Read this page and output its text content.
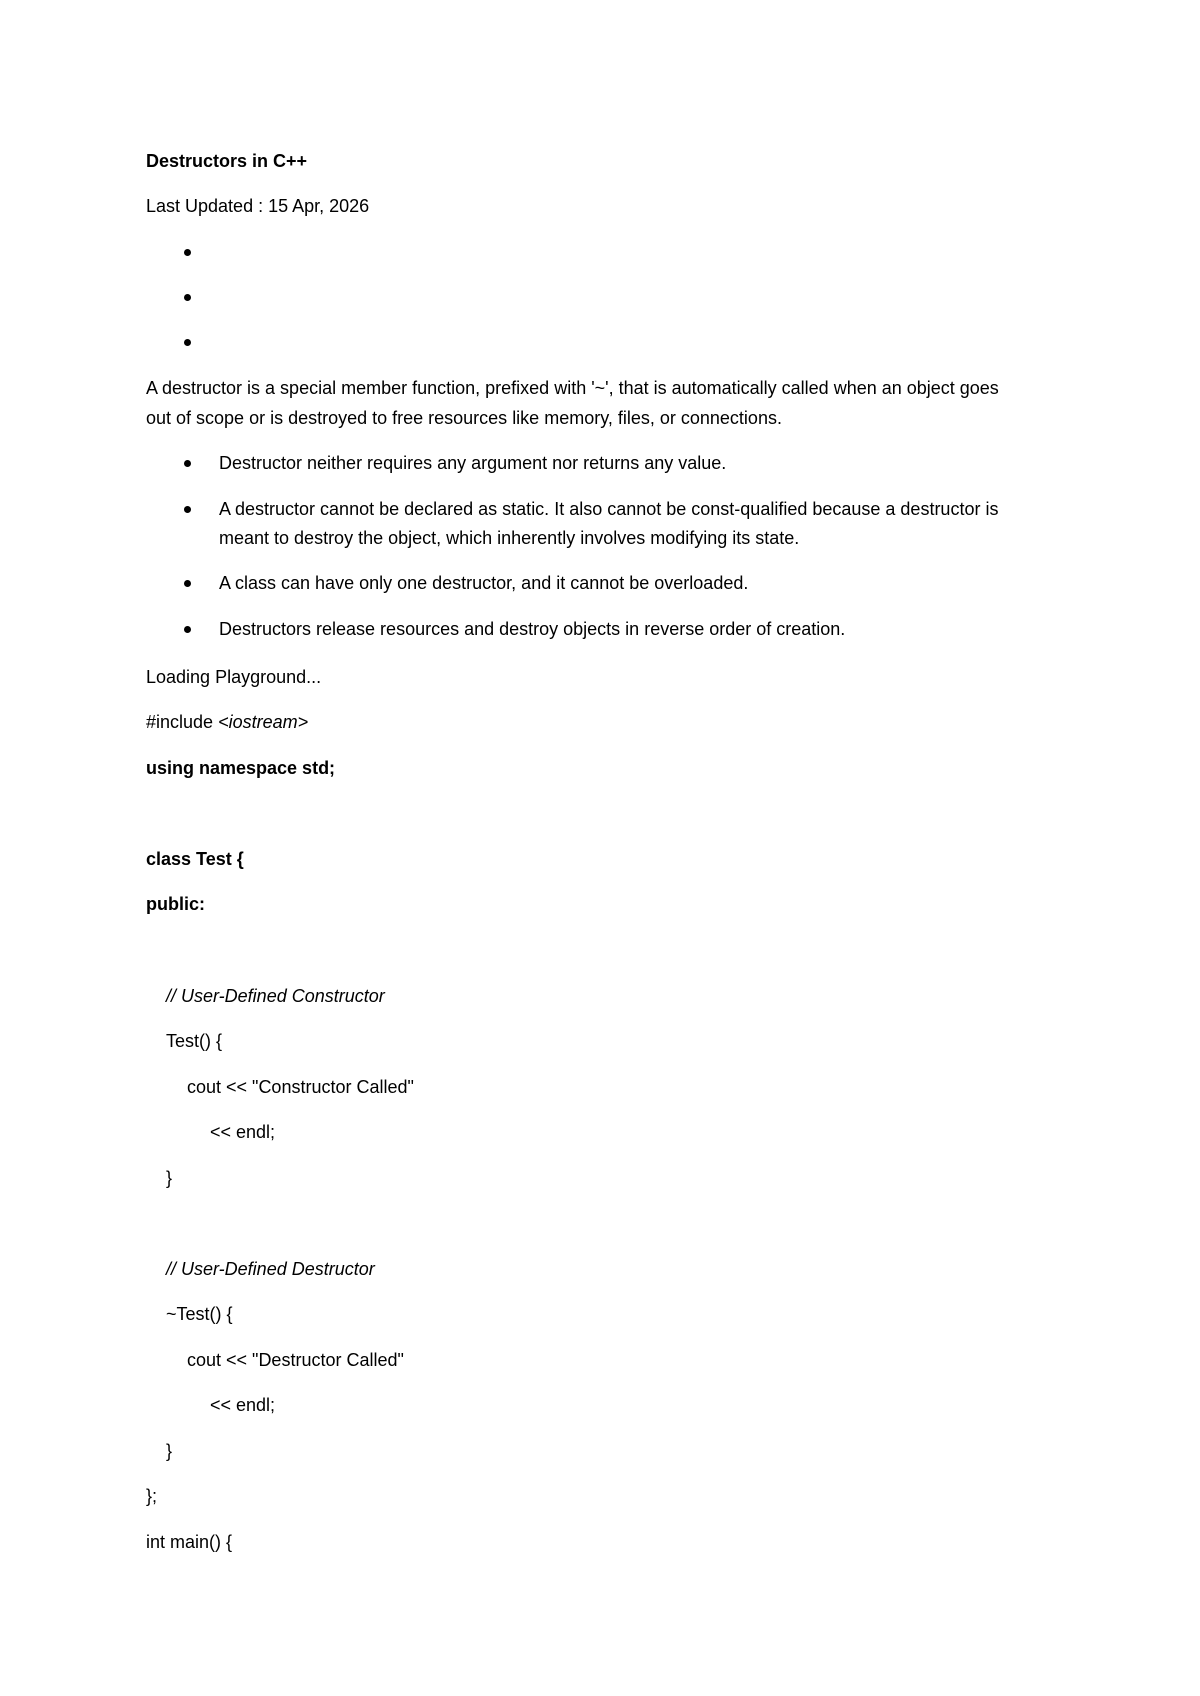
Destructors in C++
Last Updated : 15 Apr, 2026
A destructor is a special member function, prefixed with '~', that is automatically called when an object goes out of scope or is destroyed to free resources like memory, files, or connections.
Destructor neither requires any argument nor returns any value.
A destructor cannot be declared as static. It also cannot be const-qualified because a destructor is meant to destroy the object, which inherently involves modifying its state.
A class can have only one destructor, and it cannot be overloaded.
Destructors release resources and destroy objects in reverse order of creation.
Loading Playground...
#include <iostream>
using namespace std;
class Test {
public:
// User-Defined Constructor
Test() {
cout << "Constructor Called"
<< endl;
}
// User-Defined Destructor
~Test() {
cout << "Destructor Called"
<< endl;
}
};
int main() {
